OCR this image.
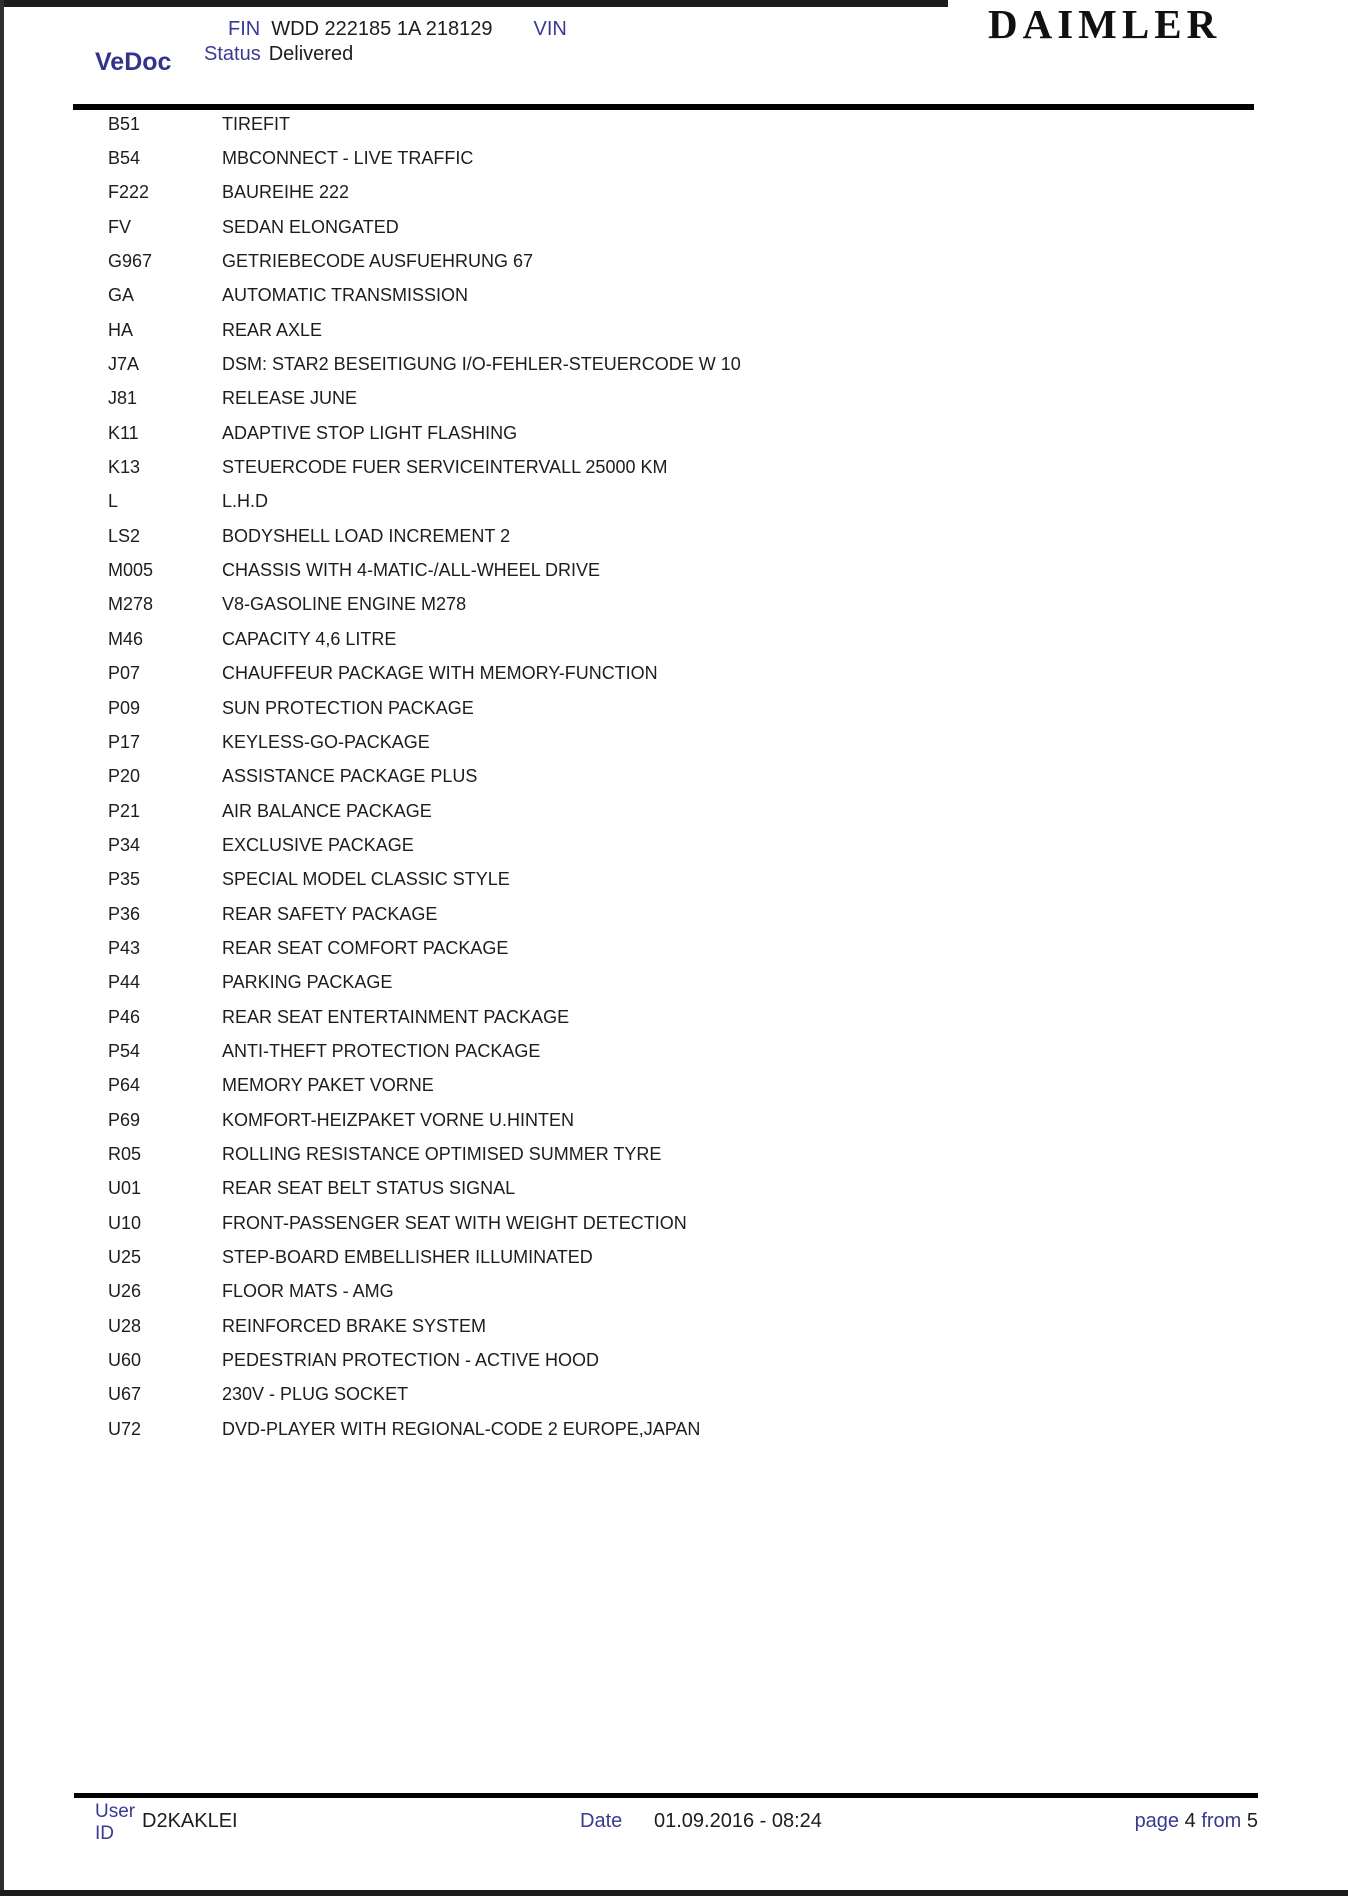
VeDoc
FIN WDD 222185 1A 218129 VIN
Status Delivered
DAIMLER
B51	TIREFIT
B54	MBCONNECT - LIVE TRAFFIC
F222	BAUREIHE 222
FV	SEDAN ELONGATED
G967	GETRIEBECODE AUSFUEHRUNG 67
GA	AUTOMATIC TRANSMISSION
HA	REAR AXLE
J7A	DSM: STAR2 BESEITIGUNG I/O-FEHLER-STEUERCODE W 10
J81	RELEASE JUNE
K11	ADAPTIVE STOP LIGHT FLASHING
K13	STEUERCODE FUER SERVICEINTERVALL 25000 KM
L	L.H.D
LS2	BODYSHELL LOAD INCREMENT 2
M005	CHASSIS WITH 4-MATIC-/ALL-WHEEL DRIVE
M278	V8-GASOLINE ENGINE M278
M46	CAPACITY 4,6 LITRE
P07	CHAUFFEUR PACKAGE WITH MEMORY-FUNCTION
P09	SUN PROTECTION PACKAGE
P17	KEYLESS-GO-PACKAGE
P20	ASSISTANCE PACKAGE PLUS
P21	AIR BALANCE PACKAGE
P34	EXCLUSIVE PACKAGE
P35	SPECIAL MODEL CLASSIC STYLE
P36	REAR SAFETY PACKAGE
P43	REAR SEAT COMFORT PACKAGE
P44	PARKING PACKAGE
P46	REAR SEAT ENTERTAINMENT PACKAGE
P54	ANTI-THEFT PROTECTION PACKAGE
P64	MEMORY PAKET VORNE
P69	KOMFORT-HEIZPAKET VORNE U.HINTEN
R05	ROLLING RESISTANCE OPTIMISED SUMMER TYRE
U01	REAR SEAT BELT STATUS SIGNAL
U10	FRONT-PASSENGER SEAT WITH WEIGHT DETECTION
U25	STEP-BOARD EMBELLISHER ILLUMINATED
U26	FLOOR MATS - AMG
U28	REINFORCED BRAKE SYSTEM
U60	PEDESTRIAN PROTECTION - ACTIVE HOOD
U67	230V - PLUG SOCKET
U72	DVD-PLAYER WITH REGIONAL-CODE 2 EUROPE,JAPAN
User
ID
D2KAKLEI	Date 01.09.2016 - 08:24	page 4 from 5
